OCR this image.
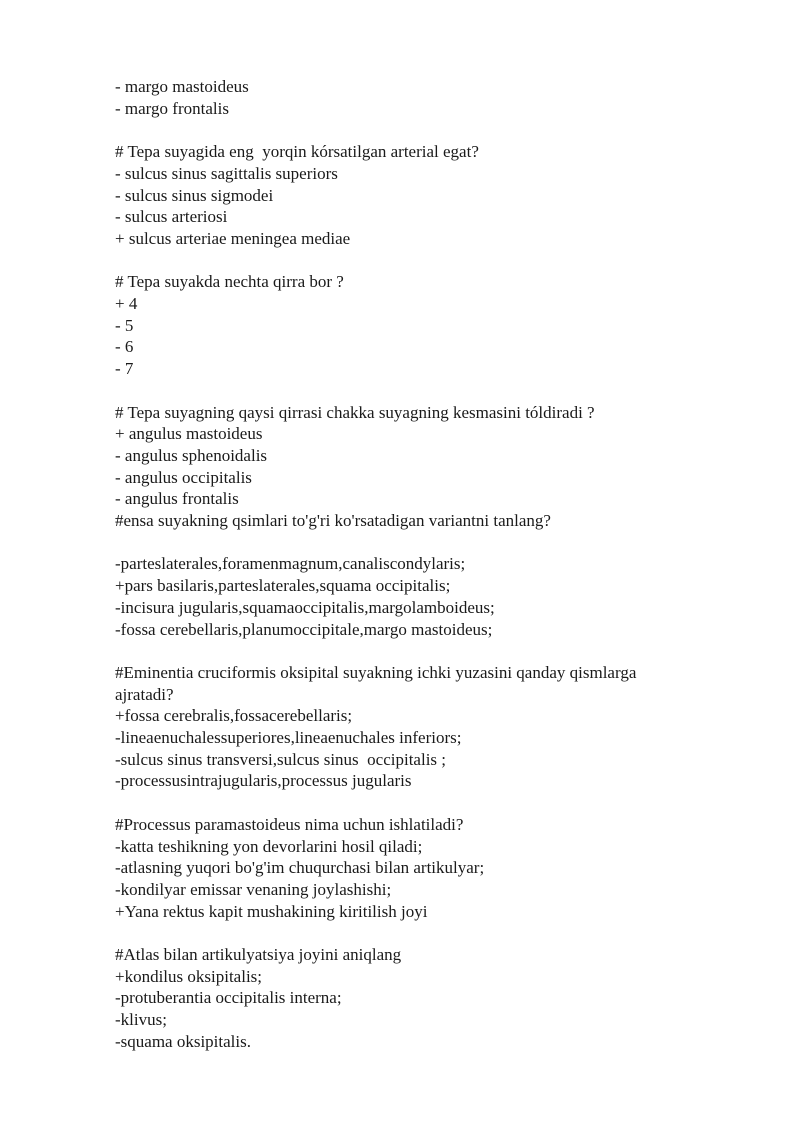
- margo mastoideus
- margo frontalis
# Tepa suyagida eng  yorqin kórsatilgan arterial egat?
- sulcus sinus sagittalis superiors
- sulcus sinus sigmodei
- sulcus arteriosi
+ sulcus arteriae meningea mediae
# Tepa suyakda nechta qirra bor ?
+ 4
- 5
- 6
- 7
# Tepa suyagning qaysi qirrasi chakka suyagning kesmasini tóldiradi ?
+ angulus mastoideus
- angulus sphenoidalis
- angulus occipitalis
- angulus frontalis
#ensa suyakning qsimlari to'g'ri ko'rsatadigan variantni tanlang?
-parteslaterales,foramenmagnum,canaliscondylaris;
+pars basilaris,parteslaterales,squama occipitalis;
-incisura jugularis,squamaoccipitalis,margolamboideus;
-fossa cerebellaris,planumoccipitale,margo mastoideus;
#Eminentia cruciformis oksipital suyakning ichki yuzasini qanday qismlarga
ajratadi?
+fossa cerebralis,fossacerebellaris;
-lineaenuchalessuperiores,lineaenuchales inferiors;
-sulcus sinus transversi,sulcus sinus  occipitalis ;
-processusintrajugularis,processus jugularis
#Processus paramastoideus nima uchun ishlatiladi?
-katta teshikning yon devorlarini hosil qiladi;
-atlasning yuqori bo'g'im chuqurchasi bilan artikulyar;
-kondilyar emissar venaning joylashishi;
+Yana rektus kapit mushakining kiritilish joyi
#Atlas bilan artikulyatsiya joyini aniqlang
+kondilus oksipitalis;
-protuberantia occipitalis interna;
-klivus;
-squama oksipitalis.
